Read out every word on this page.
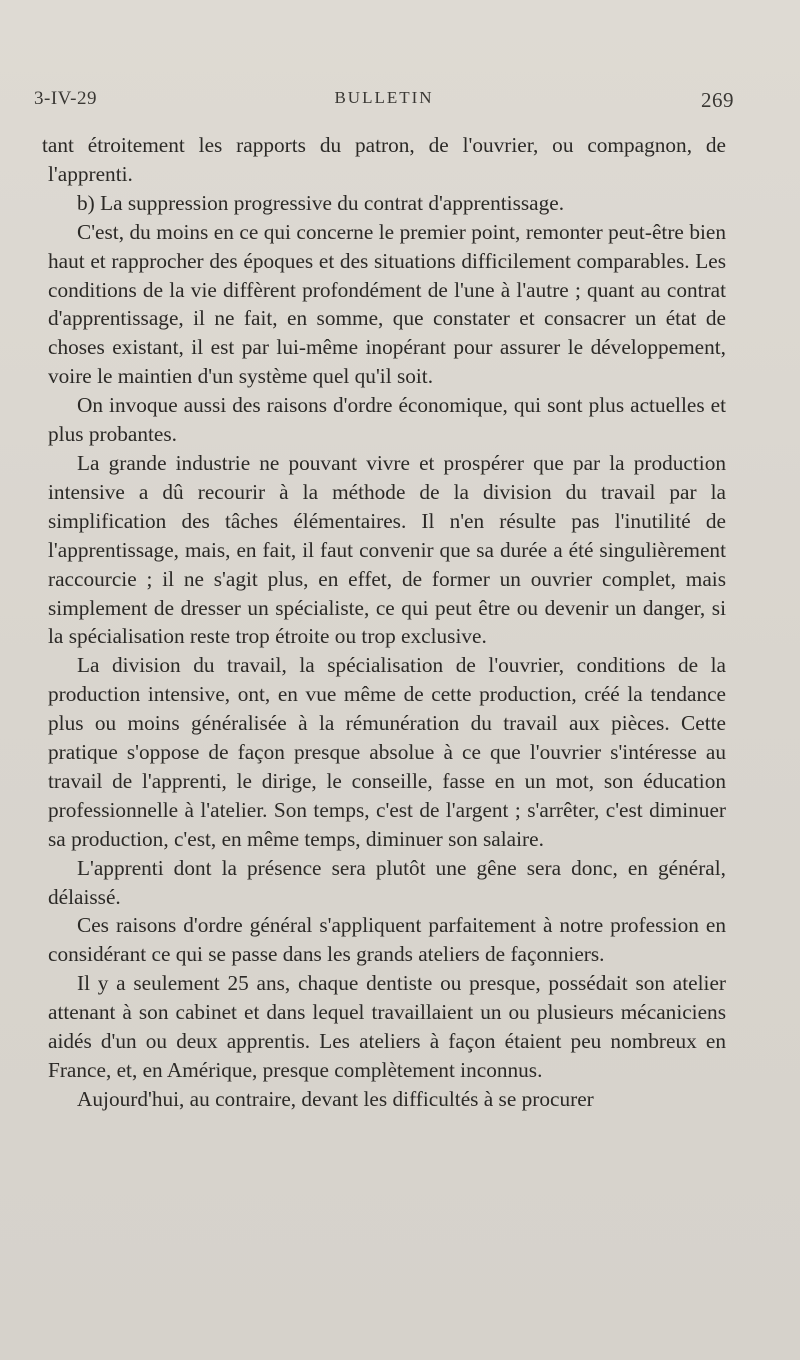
3-IV-29	BULLETIN	269

tant étroitement les rapports du patron, de l'ouvrier, ou compagnon, de l'apprenti.

b) La suppression progressive du contrat d'apprentissage.

C'est, du moins en ce qui concerne le premier point, remonter peut-être bien haut et rapprocher des époques et des situations difficilement comparables. Les conditions de la vie diffèrent profondément de l'une à l'autre ; quant au contrat d'apprentissage, il ne fait, en somme, que constater et consacrer un état de choses existant, il est par lui-même inopérant pour assurer le développement, voire le maintien d'un système quel qu'il soit.

On invoque aussi des raisons d'ordre économique, qui sont plus actuelles et plus probantes.

La grande industrie ne pouvant vivre et prospérer que par la production intensive a dû recourir à la méthode de la division du travail par la simplification des tâches élémentaires. Il n'en résulte pas l'inutilité de l'apprentissage, mais, en fait, il faut convenir que sa durée a été singulièrement raccourcie ; il ne s'agit plus, en effet, de former un ouvrier complet, mais simplement de dresser un spécialiste, ce qui peut être ou devenir un danger, si la spécialisation reste trop étroite ou trop exclusive.

La division du travail, la spécialisation de l'ouvrier, conditions de la production intensive, ont, en vue même de cette production, créé la tendance plus ou moins généralisée à la rémunération du travail aux pièces. Cette pratique s'oppose de façon presque absolue à ce que l'ouvrier s'intéresse au travail de l'apprenti, le dirige, le conseille, fasse en un mot, son éducation professionnelle à l'atelier. Son temps, c'est de l'argent ; s'arrêter, c'est diminuer sa production, c'est, en même temps, diminuer son salaire.

L'apprenti dont la présence sera plutôt une gêne sera donc, en général, délaissé.

Ces raisons d'ordre général s'appliquent parfaitement à notre profession en considérant ce qui se passe dans les grands ateliers de façonniers.

Il y a seulement 25 ans, chaque dentiste ou presque, possédait son atelier attenant à son cabinet et dans lequel travaillaient un ou plusieurs mécaniciens aidés d'un ou deux apprentis. Les ateliers à façon étaient peu nombreux en France, et, en Amérique, presque complètement inconnus.

Aujourd'hui, au contraire, devant les difficultés à se procurer
